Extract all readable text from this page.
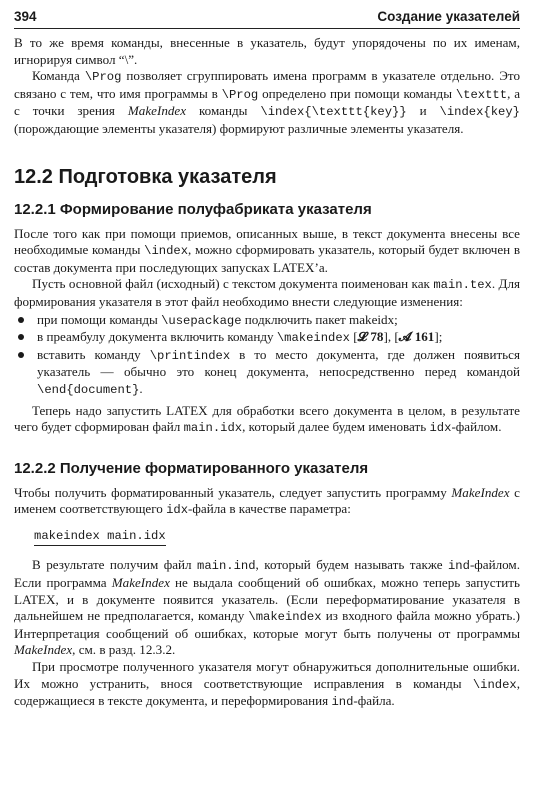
394	Создание указателей

В то же время команды, внесенные в указатель, будут упорядочены по их именам, игнорируя символ “\”.

Команда \Prog позволяет сгруппировать имена программ в указателе отдельно. Это связано с тем, что имя программы в \Prog определено при помощи команды \texttt, а с точки зрения MakeIndex команды \index{\texttt{key}} и \index{key} (порождающие элементы указателя) формируют различные элементы указателя.

12.2 Подготовка указателя
12.2.1 Формирование полуфабриката указателя

После того как при помощи приемов, описанных выше, в текст документа внесены все необходимые команды \index, можно сформировать указатель, который будет включен в состав документа при последующих запусках LATEX’а.

Пусть основной файл (исходный) с текстом документа поименован как main.tex. Для формирования указателя в этот файл необходимо внести следующие изменения:

при помощи команды \usepackage подключить пакет makeidx;
в преамбулу документа включить команду \makeindex [𝓛 78], [𝓐 161];
вставить команду \printindex в то место документа, где должен появиться указатель — обычно это конец документа, непосредственно перед командой \end{document}.

Теперь надо запустить LATEX для обработки всего документа в целом, в результате чего будет сформирован файл main.idx, который далее будем именовать idx-файлом.

12.2.2 Получение форматированного указателя

Чтобы получить форматированный указатель, следует запустить программу MakeIndex с именем соответствующего idx-файла в качестве параметра:

makeindex main.idx

В результате получим файл main.ind, который будем называть также ind-файлом. Если программа MakeIndex не выдала сообщений об ошибках, можно теперь запустить LATEX, и в документе появится указатель. (Если переформатирование указателя в дальнейшем не предполагается, команду \makeindex из входного файла можно убрать.) Интерпретация сообщений об ошибках, которые могут быть получены от программы MakeIndex, см. в разд. 12.3.2.

При просмотре полученного указателя могут обнаружиться дополнительные ошибки. Их можно устранить, внося соответствующие исправления в команды \index, содержащиеся в тексте документа, и переформирования ind-файла.
